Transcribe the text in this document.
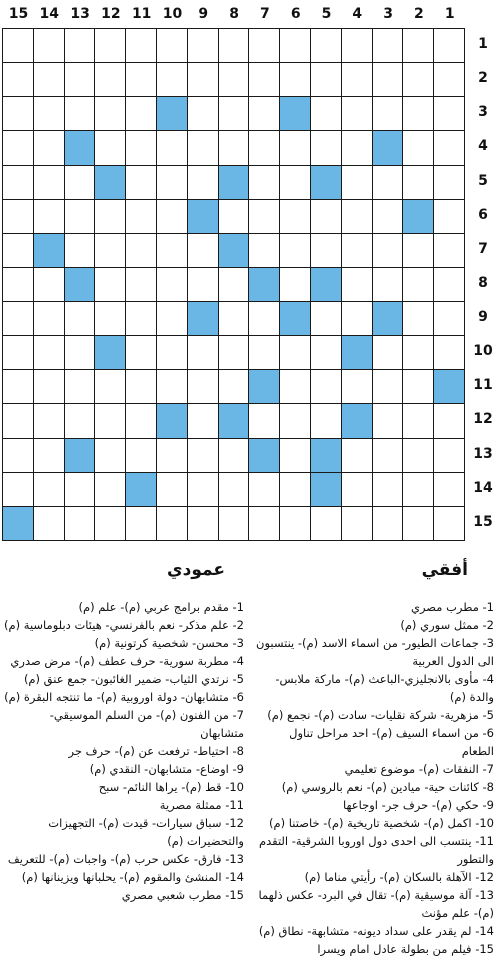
15 14 13 12 11 10	9	8	7	6	5	4	3	2	1
1
2
3
4
5
6
7
8
9
10
11
12
13
14
15
أفقي
عمودي
1- مطرب مصري
2- ممثل سوري (م)
3- جماعات الطيور- من اسماء الاسد (م)- ينتسبون الى الدول العربية
4- مأوى بالانجليزي-الباعث (م)- ماركة ملابس- والدة (م)
5- مزهرية- شركة نقليات- سادت (م)- نجمع (م)
6- من اسماء السيف (م)- احد مراحل تناول الطعام
7- النفقات (م)- موضوع تعليمي
8- كائنات حية- ميادين (م)- نعم بالروسي (م)
9- حكي (م)- حرف جر- اوجاعها
10- اكمل (م)- شخصية تاريخية (م)- خاصتنا (م)
11- ينتسب الى احدى دول اوروبا الشرقية- التقدم والتطور
12- الآهلة بالسكان (م)- رأيتي مناما (م)
13- آلة موسيقية (م)- تقال في البرد- عكس ذلهما (م)- علم مؤنث
14- لم يقدر على سداد ديونه- متشابهة- نطاق (م)
15- فيلم من بطولة عادل امام ويسرا
1- مقدم برامج عربي (م)- علم (م)
2- علم مذكر- نعم بالفرنسي- هيئات دبلوماسية (م)
3- محسن- شخصية كرتونية (م)
4- مطربة سورية- حرف عطف (م)- مرض صدري
5- نرتدي الثياب- ضمير الغائبون- جمع عنق (م)
6- متشابهان- دولة اوروبية (م)- ما تنتجه البقرة (م)
7- من الفنون (م)- من السلم الموسيقي- متشابهان
8- احتياط- ترفعت عن (م)- حرف جر
9- اوضاع- متشابهان- النقدي (م)
10- قط (م)- يراها النائم- سبح
11- ممثلة مصرية
12- سباق سيارات- قيدت (م)- التجهيزات والتحضيرات (م)
13- فارق- عكس حرب (م)- واجبات (م)- للتعريف
14- المنشئ والمقوم (م)- يحلبانها ويزينانها (م)
15- مطرب شعبي مصري
